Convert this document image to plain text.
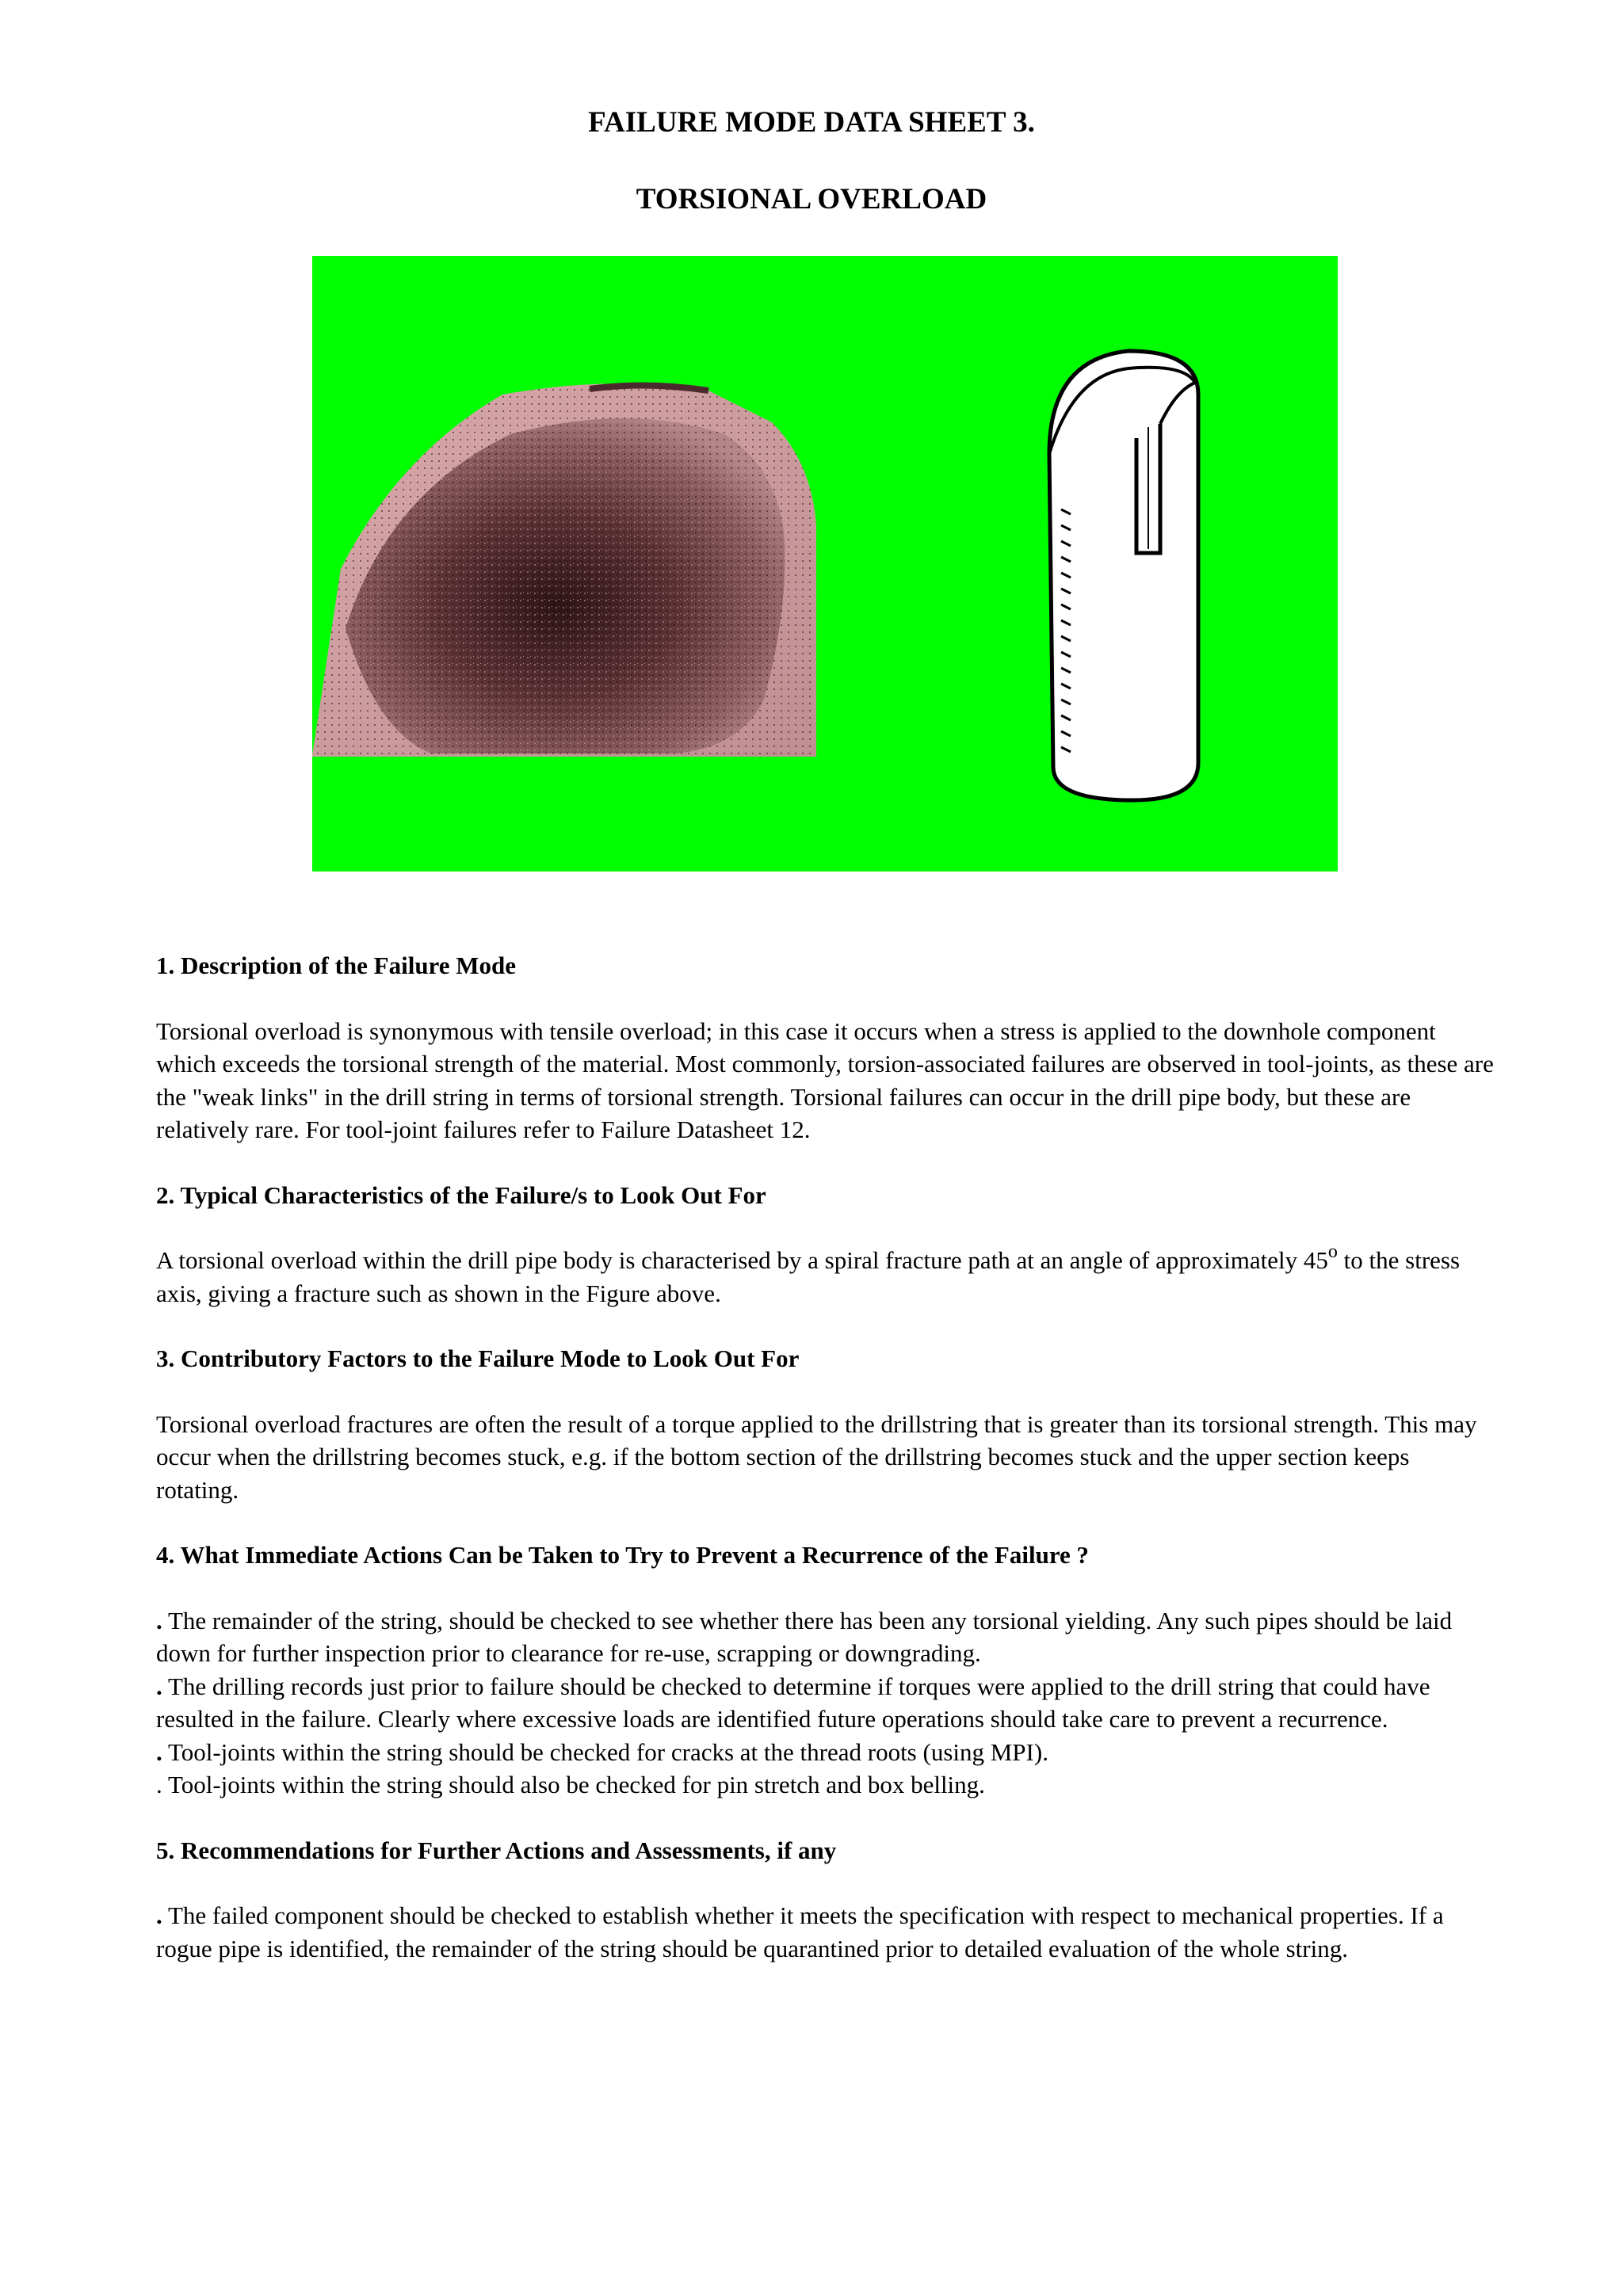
FAILURE MODE DATA SHEET 3.
TORSIONAL OVERLOAD
1. Description of the Failure Mode

Torsional overload is synonymous with tensile overload; in this case it occurs when a stress is applied to the downhole component which exceeds the torsional strength of the material. Most commonly, torsion-associated failures are observed in tool-joints, as these are the "weak links" in the drill string in terms of torsional strength. Torsional failures can occur in the drill pipe body, but these are relatively rare. For tool-joint failures refer to Failure Datasheet 12.

2. Typical Characteristics of the Failure/s to Look Out For

A torsional overload within the drill pipe body is characterised by a spiral fracture path at an angle of approximately 45$^o$ to the stress axis, giving a fracture such as shown in the Figure above.

3. Contributory Factors to the Failure Mode to Look Out For

Torsional overload fractures are often the result of a torque applied to the drillstring that is greater than its torsional strength. This may occur when the drillstring becomes stuck, e.g. if the bottom section of the drillstring becomes stuck and the upper section keeps rotating.

4. What Immediate Actions Can be Taken to Try to Prevent a Recurrence of the Failure ?

. The remainder of the string, should be checked to see whether there has been any torsional yielding. Any such pipes should be laid down for further inspection prior to clearance for re-use, scrapping or downgrading.

. The drilling records just prior to failure should be checked to determine if torques were applied to the drill string that could have resulted in the failure. Clearly where excessive loads are identified future operations should take care to prevent a recurrence.

. Tool-joints within the string should be checked for cracks at the thread roots (using MPI).

. Tool-joints within the string should also be checked for pin stretch and box belling.

5. Recommendations for Further Actions and Assessments, if any

. The failed component should be checked to establish whether it meets the specification with respect to mechanical properties. If a rogue pipe is identified, the remainder of the string should be quarantined prior to detailed evaluation of the whole string.
